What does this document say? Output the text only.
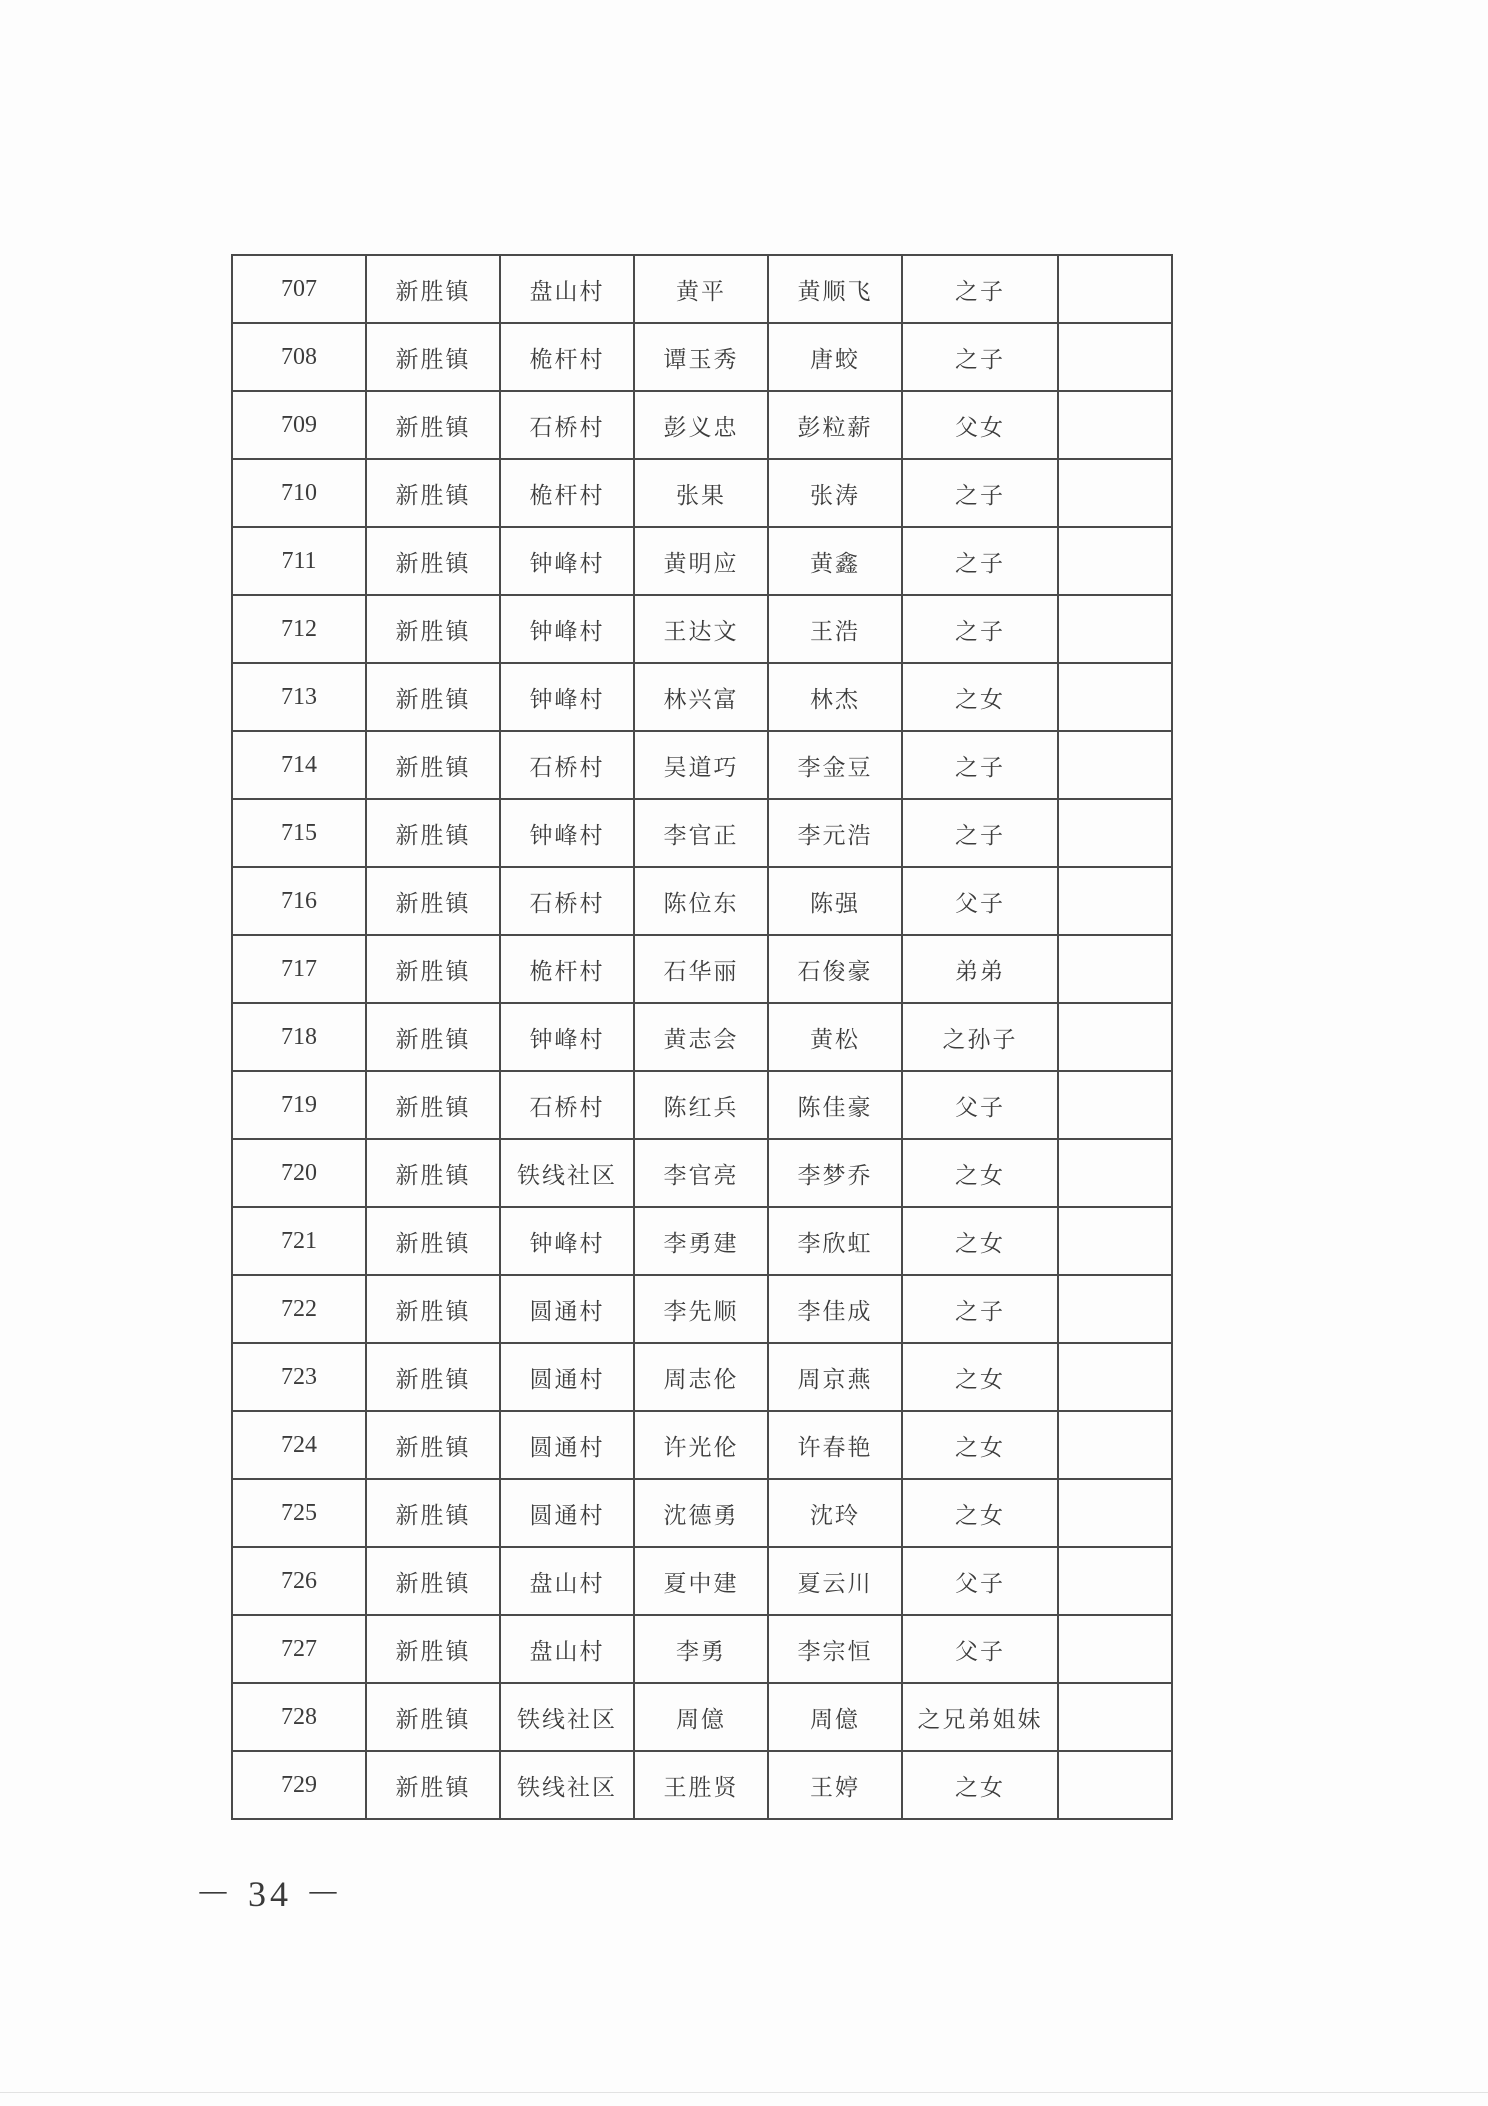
707	新胜镇	盘山村	黄平	黄顺飞	之子	
708	新胜镇	桅杆村	谭玉秀	唐蛟	之子	
709	新胜镇	石桥村	彭义忠	彭粒薪	父女	
710	新胜镇	桅杆村	张果	张涛	之子	
711	新胜镇	钟峰村	黄明应	黄鑫	之子	
712	新胜镇	钟峰村	王达文	王浩	之子	
713	新胜镇	钟峰村	林兴富	林杰	之女	
714	新胜镇	石桥村	吴道巧	李金豆	之子	
715	新胜镇	钟峰村	李官正	李元浩	之子	
716	新胜镇	石桥村	陈位东	陈强	父子	
717	新胜镇	桅杆村	石华丽	石俊豪	弟弟	
718	新胜镇	钟峰村	黄志会	黄松	之孙子	
719	新胜镇	石桥村	陈红兵	陈佳豪	父子	
720	新胜镇	铁线社区	李官亮	李梦乔	之女	
721	新胜镇	钟峰村	李勇建	李欣虹	之女	
722	新胜镇	圆通村	李先顺	李佳成	之子	
723	新胜镇	圆通村	周志伦	周京燕	之女	
724	新胜镇	圆通村	许光伦	许春艳	之女	
725	新胜镇	圆通村	沈德勇	沈玲	之女	
726	新胜镇	盘山村	夏中建	夏云川	父子	
727	新胜镇	盘山村	李勇	李宗恒	父子	
728	新胜镇	铁线社区	周億	周億	之兄弟姐妹	
729	新胜镇	铁线社区	王胜贤	王婷	之女	
－ 34 －
